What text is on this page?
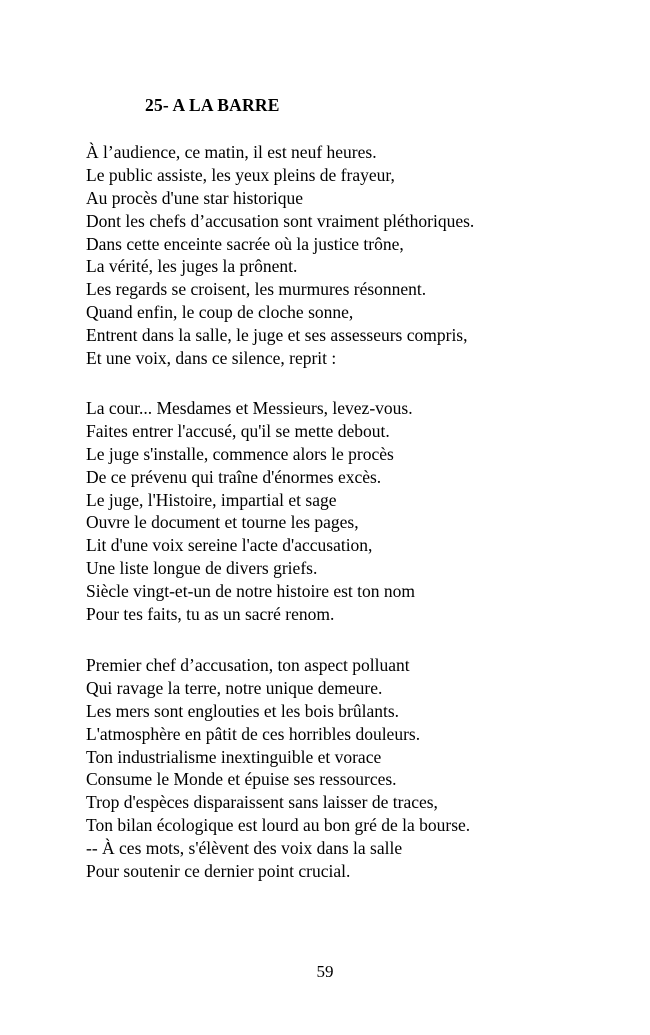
25- A LA BARRE
À l’audience, ce matin, il est neuf heures.
Le public assiste, les yeux pleins de frayeur,
Au procès d'une star historique
Dont les chefs d’accusation sont vraiment pléthoriques.
Dans cette enceinte sacrée où la justice trône,
La vérité, les juges la prônent.
Les regards se croisent, les murmures résonnent.
Quand enfin, le coup de cloche sonne,
Entrent dans la salle, le juge et ses assesseurs compris,
Et une voix, dans ce silence, reprit :
La cour... Mesdames et Messieurs, levez-vous.
Faites entrer l'accusé, qu'il se mette debout.
Le juge s'installe, commence alors le procès
De ce prévenu qui traîne d'énormes excès.
Le juge, l'Histoire, impartial et sage
Ouvre le document et tourne les pages,
Lit d'une voix sereine l'acte d'accusation,
Une liste longue de divers griefs.
Siècle vingt-et-un de notre histoire est ton nom
Pour tes faits, tu as un sacré renom.
Premier chef d’accusation, ton aspect polluant
Qui ravage la terre, notre unique demeure.
Les mers sont englouties et les bois brûlants.
L'atmosphère en pâtit de ces horribles douleurs.
Ton industrialisme inextinguible et vorace
Consume le Monde et épuise ses ressources.
Trop d'espèces disparaissent sans laisser de traces,
Ton bilan écologique est lourd au bon gré de la bourse.
-- À ces mots, s'élèvent des voix dans la salle
Pour soutenir ce dernier point crucial.
59
